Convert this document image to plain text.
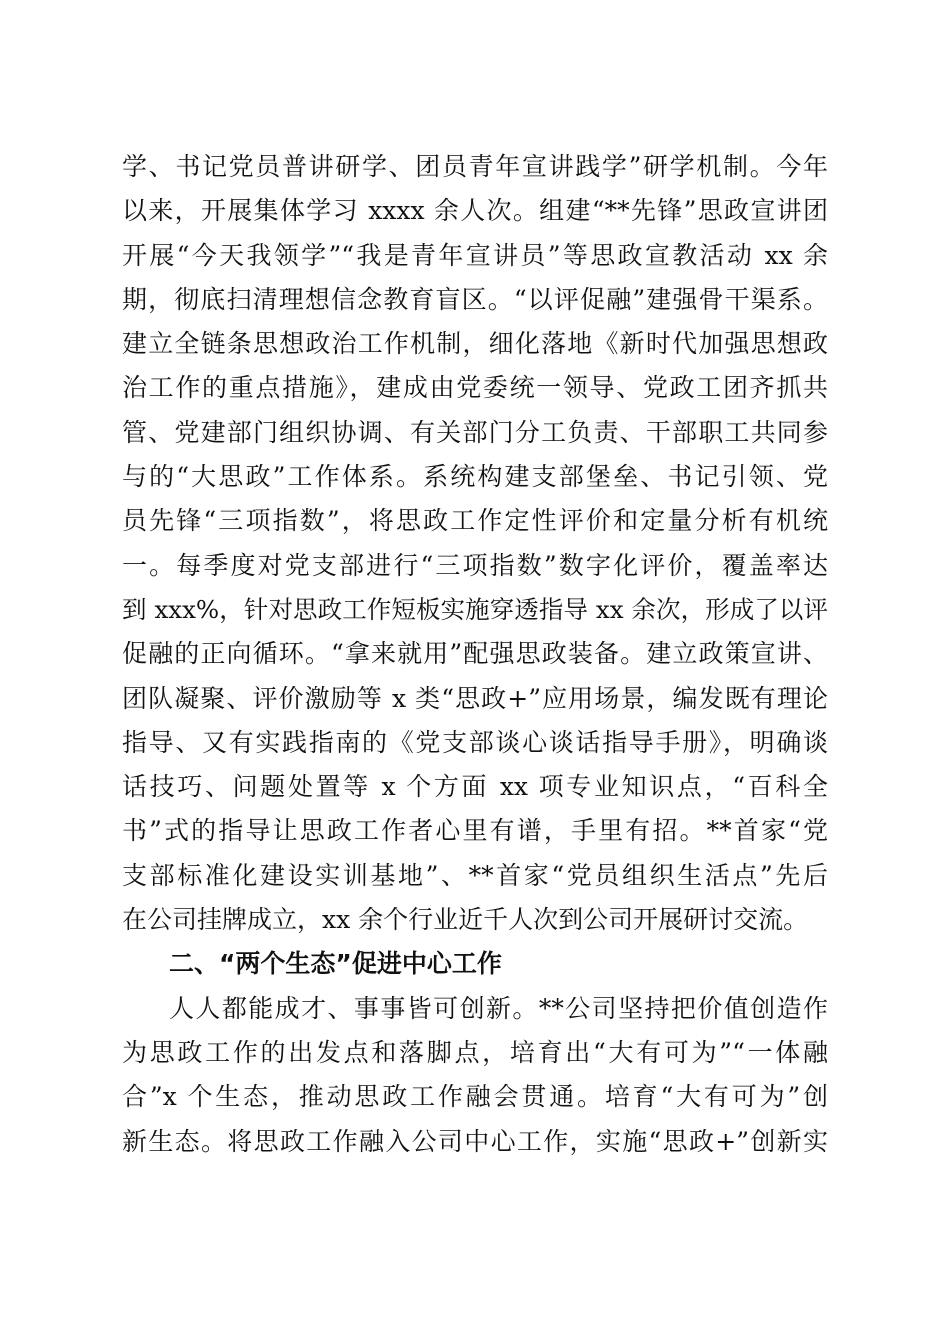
学、书记党员普讲研学、团员青年宣讲践学”研学机制。今年
以来，开展集体学习 xxxx 余人次。组建“**先锋”思政宣讲团
开展“今天我领学”“我是青年宣讲员”等思政宣教活动 xx 余
期，彻底扫清理想信念教育盲区。“以评促融”建强骨干渠系。
建立全链条思想政治工作机制，细化落地《新时代加强思想政
治工作的重点措施》，建成由党委统一领导、党政工团齐抓共
管、党建部门组织协调、有关部门分工负责、干部职工共同参
与的“大思政”工作体系。系统构建支部堡垒、书记引领、党
员先锋“三项指数”，将思政工作定性评价和定量分析有机统
一。每季度对党支部进行“三项指数”数字化评价，覆盖率达
到 xxx%，针对思政工作短板实施穿透指导 xx 余次，形成了以评
促融的正向循环。“拿来就用”配强思政装备。建立政策宣讲、
团队凝聚、评价激励等 x 类“思政+”应用场景，编发既有理论
指导、又有实践指南的《党支部谈心谈话指导手册》，明确谈
话技巧、问题处置等 x 个方面 xx 项专业知识点，“百科全
书”式的指导让思政工作者心里有谱，手里有招。**首家“党
支部标准化建设实训基地”、**首家“党员组织生活点”先后
在公司挂牌成立，xx 余个行业近千人次到公司开展研讨交流。
二、“两个生态”促进中心工作
人人都能成才、事事皆可创新。**公司坚持把价值创造作
为思政工作的出发点和落脚点，培育出“大有可为”“一体融
合”x 个生态，推动思政工作融会贯通。培育“大有可为”创
新生态。将思政工作融入公司中心工作，实施“思政+”创新实
